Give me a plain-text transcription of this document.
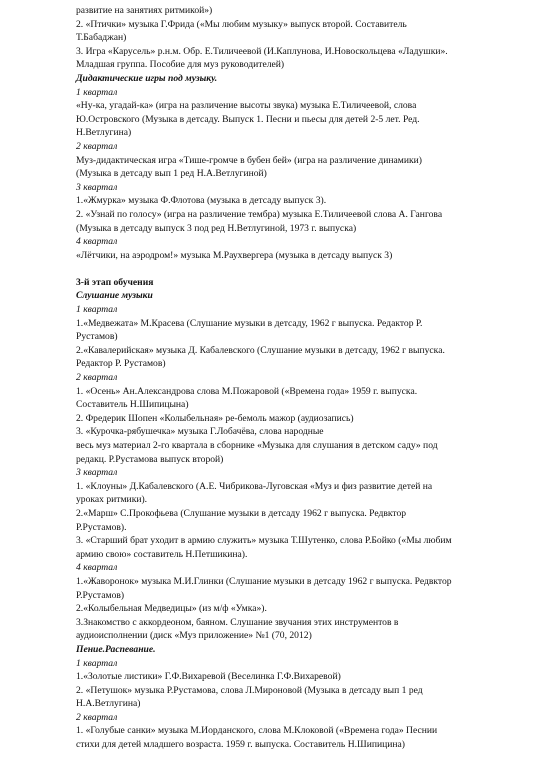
развитие на занятиях ритмикой»)
2. «Птички» музыка Г.Фрида («Мы любим музыку» выпуск второй. Составитель
Т.Бабаджан)
3. Игра «Карусель» р.н.м. Обр. Е.Тиличеевой (И.Каплунова, И.Новоскольцева «Ладушки».
Младшая группа. Пособие для муз руководителей)
Дидактические игры под музыку.
1 квартал
«Ну-ка, угадай-ка» (игра на различение высоты звука) музыка Е.Тиличеевой, слова
Ю.Островского (Музыка в детсаду. Выпуск 1. Песни и пьесы для детей 2-5 лет. Ред.
Н.Ветлугина)
2 квартал
Муз-дидактическая игра «Тише-громче в бубен бей» (игра на различение динамики)
(Музыка в детсаду вып 1 ред Н.А.Ветлугиной)
3 квартал
1.«Жмурка» музыка Ф.Флотова (музыка в детсаду выпуск 3).
2. «Узнай по голосу» (игра на различение тембра) музыка Е.Тиличеевой слова А. Гангова
(Музыка в детсаду выпуск 3 под ред Н.Ветлугиной, 1973 г. выпуска)
4 квартал
«Лётчики, на аэродром!» музыка М.Раухвергера (музыка в детсаду выпуск 3)
3-й этап обучения
Слушание музыки
1 квартал
1.«Медвежата» М.Красева (Слушание музыки в детсаду, 1962 г выпуска. Редактор Р.
Рустамов)
2.«Кавалерийская» музыка Д. Кабалевского (Слушание музыки в детсаду, 1962 г выпуска.
Редактор Р. Рустамов)
2 квартал
1. «Осень» Ан.Александрова слова М.Пожаровой («Времена года» 1959 г. выпуска.
Составитель Н.Шипицына)
2. Фредерик Шопен «Колыбельная» ре-бемоль мажор (аудиозапись)
3. «Курочка-рябушечка» музыка Г.Лобачёва, слова народные
весь муз материал 2-го квартала в сборнике «Музыка для слушания в детском саду» под
редакц. Р.Рустамова выпуск второй)
3 квартал
1. «Клоуны» Д.Кабалевского (А.Е. Чибрикова-Луговская «Муз и физ развитие детей на
уроках ритмики).
2.«Марш» С.Прокофьева (Слушание музыки в детсаду 1962 г выпуска. Редвктор
Р.Рустамов).
3. «Старший брат уходит в армию служить» музыка Т.Шутенко, слова Р.Бойко («Мы любим
армию свою» составитель Н.Петшикина).
4 квартал
1.«Жаворонок» музыка М.И.Глинки (Слушание музыки в детсаду 1962 г выпуска. Редвктор
Р.Рустамов)
2.«Колыбельная Медведицы» (из м/ф «Умка»).
3.Знакомство с аккордеоном, баяном. Слушание звучания этих инструментов в
аудиоисполнении (диск «Муз приложение» №1 (70, 2012)
Пение.Распевание.
1 квартал
1.«Золотые листики» Г.Ф.Вихаревой (Веселинка Г.Ф.Вихаревой)
2. «Петушок» музыка Р.Рустамова, слова Л.Мироновой (Музыка в детсаду вып 1 ред
Н.А.Ветлугина)
2 квартал
1. «Голубые санки» музыка М.Иорданского, слова М.Клоковой («Времена года» Песнии
стихи для детей младшего возраста. 1959 г. выпуска. Составитель Н.Шипицина)
